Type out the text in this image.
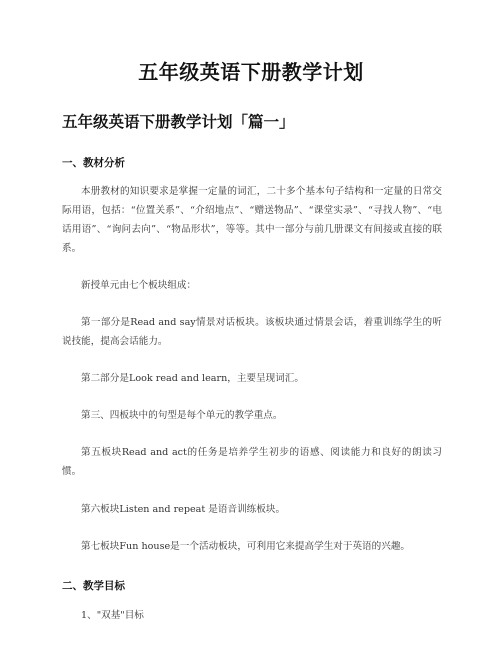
五年级英语下册教学计划
五年级英语下册教学计划「篇一」
一、教材分析
本册教材的知识要求是掌握一定量的词汇，二十多个基本句子结构和一定量的日常交际用语，包括：“位置关系”、“介绍地点”、“赠送物品”、“课堂实录”、“寻找人物”、“电话用语”、“询问去向”、“物品形状”，等等。其中一部分与前几册课文有间接或直接的联系。
新授单元由七个板块组成：
第一部分是Read and say情景对话板块。该板块通过情景会话，着重训练学生的听说技能，提高会话能力。
第二部分是Look read and learn，主要呈现词汇。
第三、四板块中的句型是每个单元的教学重点。
第五板块Read and act的任务是培养学生初步的语感、阅读能力和良好的朗读习惯。
第六板块Listen and repeat 是语音训练板块。
第七板块Fun house是一个活动板块，可利用它来提高学生对于英语的兴趣。
二、教学目标
1、"双基"目标
